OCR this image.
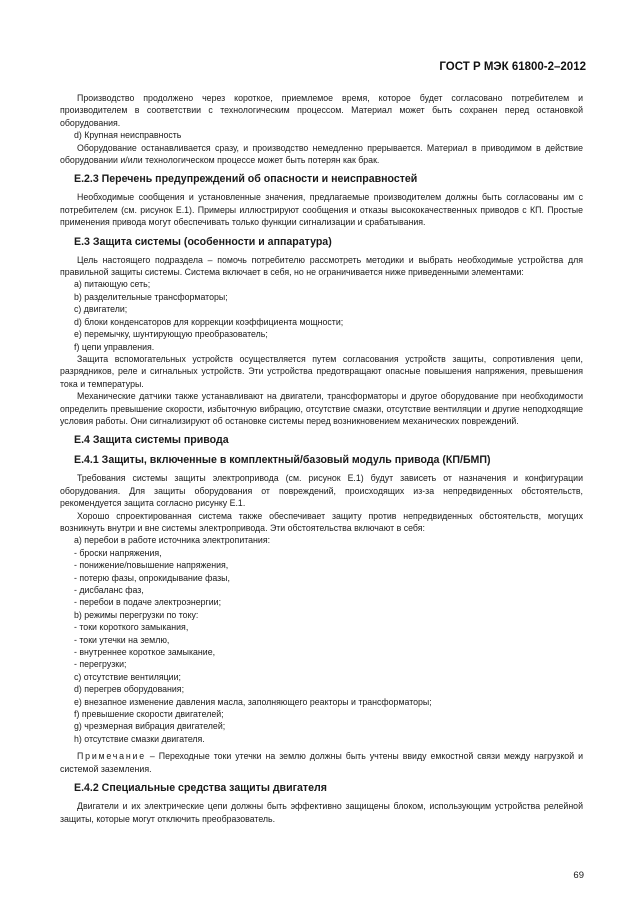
ГОСТ Р МЭК 61800-2–2012

Производство продолжено через короткое, приемлемое время, которое будет согласовано потребителем и производителем в соответствии с технологическим процессом. Материал может быть сохранен перед остановкой оборудования.

d) Крупная неисправность

Оборудование останавливается сразу, и производство немедленно прерывается. Материал в приводимом в действие оборудовании и/или технологическом процессе может быть потерян как брак.

Е.2.3 Перечень предупреждений об опасности и неисправностей

Необходимые сообщения и установленные значения, предлагаемые производителем должны быть согласованы им с потребителем (см. рисунок Е.1). Примеры иллюстрируют сообщения и отказы высококачественных приводов с КП. Простые применения привода могут обеспечивать только функции сигнализации и срабатывания.

Е.3 Защита системы (особенности и аппаратура)

Цель настоящего подраздела – помочь потребителю рассмотреть методики и выбрать необходимые устройства для правильной защиты системы. Система включает в себя, но не ограничивается ниже приведенными элементами:

a) питающую сеть;
b) разделительные трансформаторы;
c) двигатели;
d) блоки конденсаторов для коррекции коэффициента мощности;
e) перемычку, шунтирующую преобразователь;
f) цепи управления.

Защита вспомогательных устройств осуществляется путем согласования устройств защиты, сопротивления цепи, разрядников, реле и сигнальных устройств. Эти устройства предотвращают опасные повышения напряжения, превышения тока и температуры.

Механические датчики также устанавливают на двигатели, трансформаторы и другое оборудование при необходимости определить превышение скорости, избыточную вибрацию, отсутствие смазки, отсутствие вентиляции и другие неподходящие условия работы. Они сигнализируют об остановке системы перед возникновением механических повреждений.

Е.4 Защита системы привода
Е.4.1 Защиты, включенные в комплектный/базовый модуль привода (КП/БМП)

Требования системы защиты электропривода (см. рисунок Е.1) будут зависеть от назначения и конфигурации оборудования. Для защиты оборудования от повреждений, происходящих из-за непредвиденных обстоятельств, рекомендуется защита согласно рисунку Е.1.

Хорошо спроектированная система также обеспечивает защиту против непредвиденных обстоятельств, могущих возникнуть внутри и вне системы электропривода. Эти обстоятельства включают в себя:

a) перебои в работе источника электропитания:
- броски напряжения,
- понижение/повышение напряжения,
- потерю фазы, опрокидывание фазы,
- дисбаланс фаз,
- перебои в подаче электроэнергии;
b) режимы перегрузки по току:
- токи короткого замыкания,
- токи утечки на землю,
- внутреннее короткое замыкание,
- перегрузки;
c) отсутствие вентиляции;
d) перегрев оборудования;
e) внезапное изменение давления масла, заполняющего реакторы и трансформаторы;
f) превышение скорости двигателей;
g) чрезмерная вибрация двигателей;
h) отсутствие смазки двигателя.

Примечание – Переходные токи утечки на землю должны быть учтены ввиду емкостной связи между нагрузкой и системой заземления.

Е.4.2 Специальные средства защиты двигателя

Двигатели и их электрические цепи должны быть эффективно защищены блоком, использующим устройства релейной защиты, которые могут отключить преобразователь.

69
